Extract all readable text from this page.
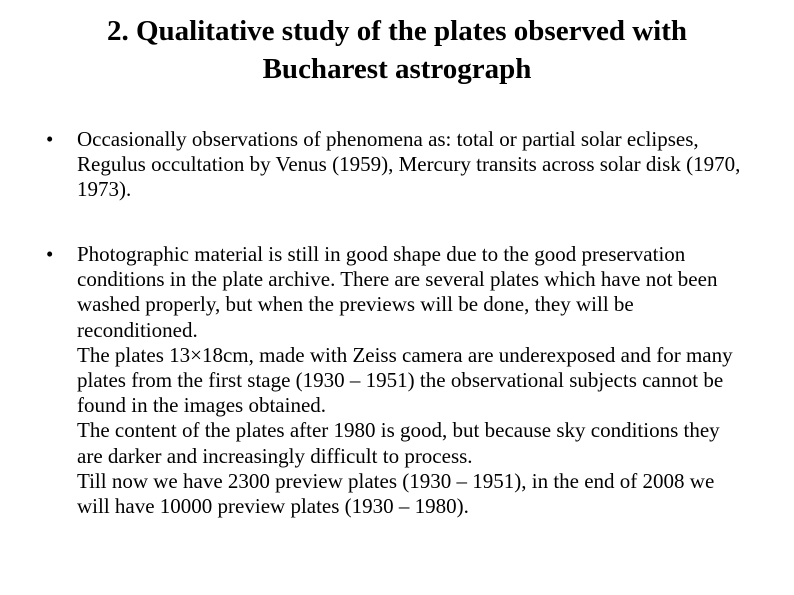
2. Qualitative study of the plates observed with
Bucharest astrograph
• Occasionally observations of phenomena as: total or partial solar eclipses, Regulus occultation by Venus (1959), Mercury transits across solar disk (1970, 1973).

• Photographic material is still in good shape due to the good preservation conditions in the plate archive. There are several plates which have not been washed properly, but when the previews will be done, they will be reconditioned.

The plates 13×18cm, made with Zeiss camera are underexposed and for many plates from the first stage (1930 – 1951) the observational subjects cannot be found in the images obtained.

The content of the plates after 1980 is good, but because sky conditions they are darker and increasingly difficult to process.

Till now we have 2300 preview plates (1930 – 1951), in the end of 2008 we will have 10000 preview plates (1930 – 1980).
